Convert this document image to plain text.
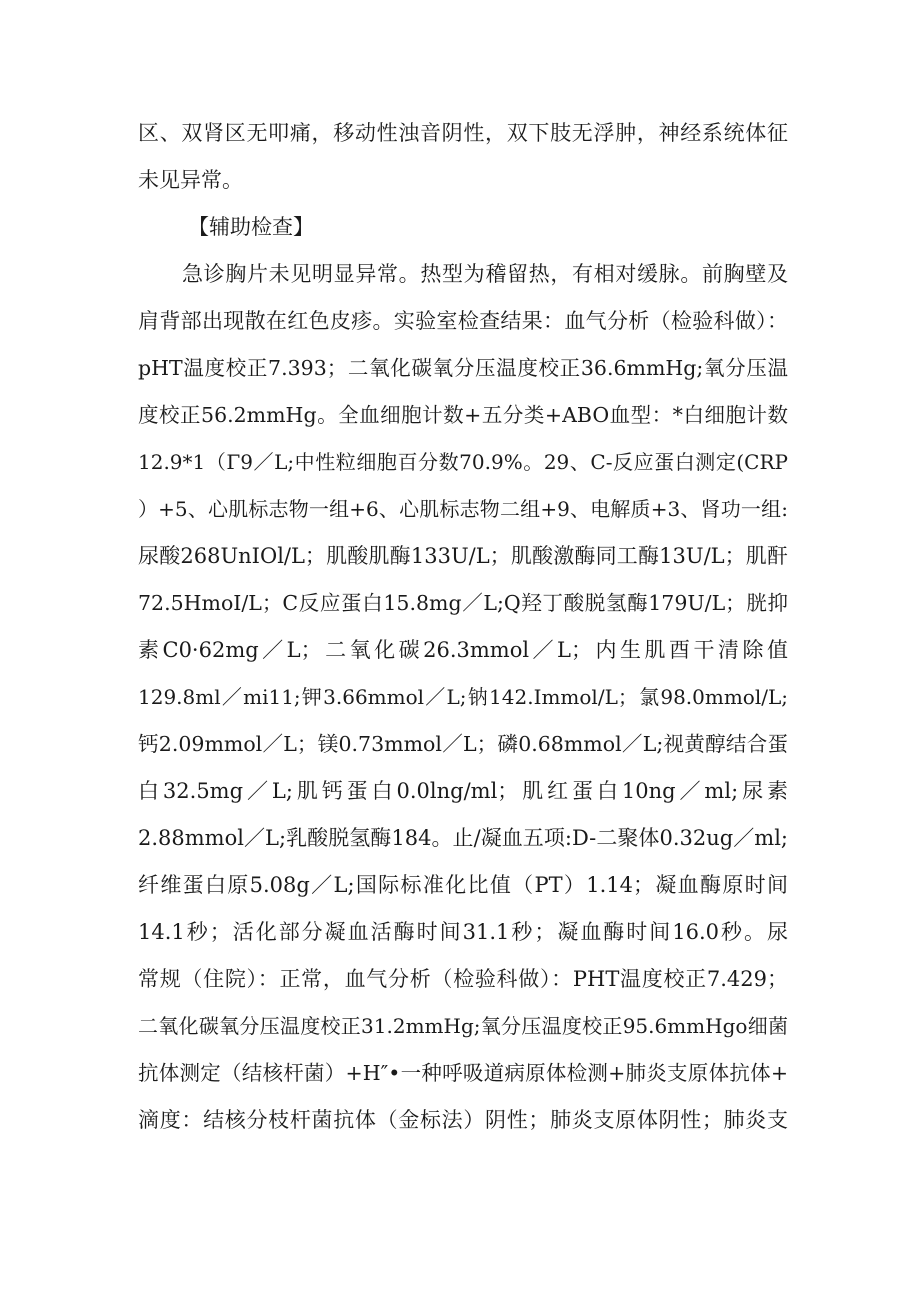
区、双肾区无叩痛，移动性浊音阴性，双下肢无浮肿，神经系统体征
未见异常。
【辅助检查】
急诊胸片未见明显异常。热型为稽留热，有相对缓脉。前胸壁及
肩背部出现散在红色皮疹。实验室检查结果：血气分析（检验科做）：
pHT温度校正7.393；二氧化碳氧分压温度校正36.6mmHg;氧分压温
度校正56.2mmHg。全血细胞计数+五分类+ABO血型：*白细胞计数
12.9*1（Γ9／L;中性粒细胞百分数70.9%。29、C-反应蛋白测定(CRP
）+5、心肌标志物一组+6、心肌标志物二组+9、电解质+3、肾功一组:
尿酸268UnIOl/L；肌酸肌酶133U/L；肌酸激酶同工酶13U/L；肌酐
72.5HmoI/L；C反应蛋白15.8mg／L;Q羟丁酸脱氢酶179U/L；胱抑
素C0·62mg／L；二氧化碳26.3mmol／L；内生肌酉干清除值
129.8ml／mi11;钾3.66mmol／L;钠142.Immol/L；氯98.0mmol/L;
钙2.09mmol／L；镁0.73mmol／L；磷0.68mmol／L;视黄醇结合蛋
白32.5mg／L;肌钙蛋白0.0lng/ml；肌红蛋白10ng／ml;尿素
2.88mmol／L;乳酸脱氢酶184。止/凝血五项:D-二聚体0.32ug／ml;
纤维蛋白原5.08g／L;国际标准化比值（PT）1.14；凝血酶原时间
14.1秒；活化部分凝血活酶时间31.1秒；凝血酶时间16.0秒。尿
常规（住院）：正常，血气分析（检验科做）：PHT温度校正7.429；
二氧化碳氧分压温度校正31.2mmHg;氧分压温度校正95.6mmHgo细菌
抗体测定（结核杆菌）+H″•一种呼吸道病原体检测+肺炎支原体抗体+
滴度：结核分枝杆菌抗体（金标法）阴性；肺炎支原体阴性；肺炎支
